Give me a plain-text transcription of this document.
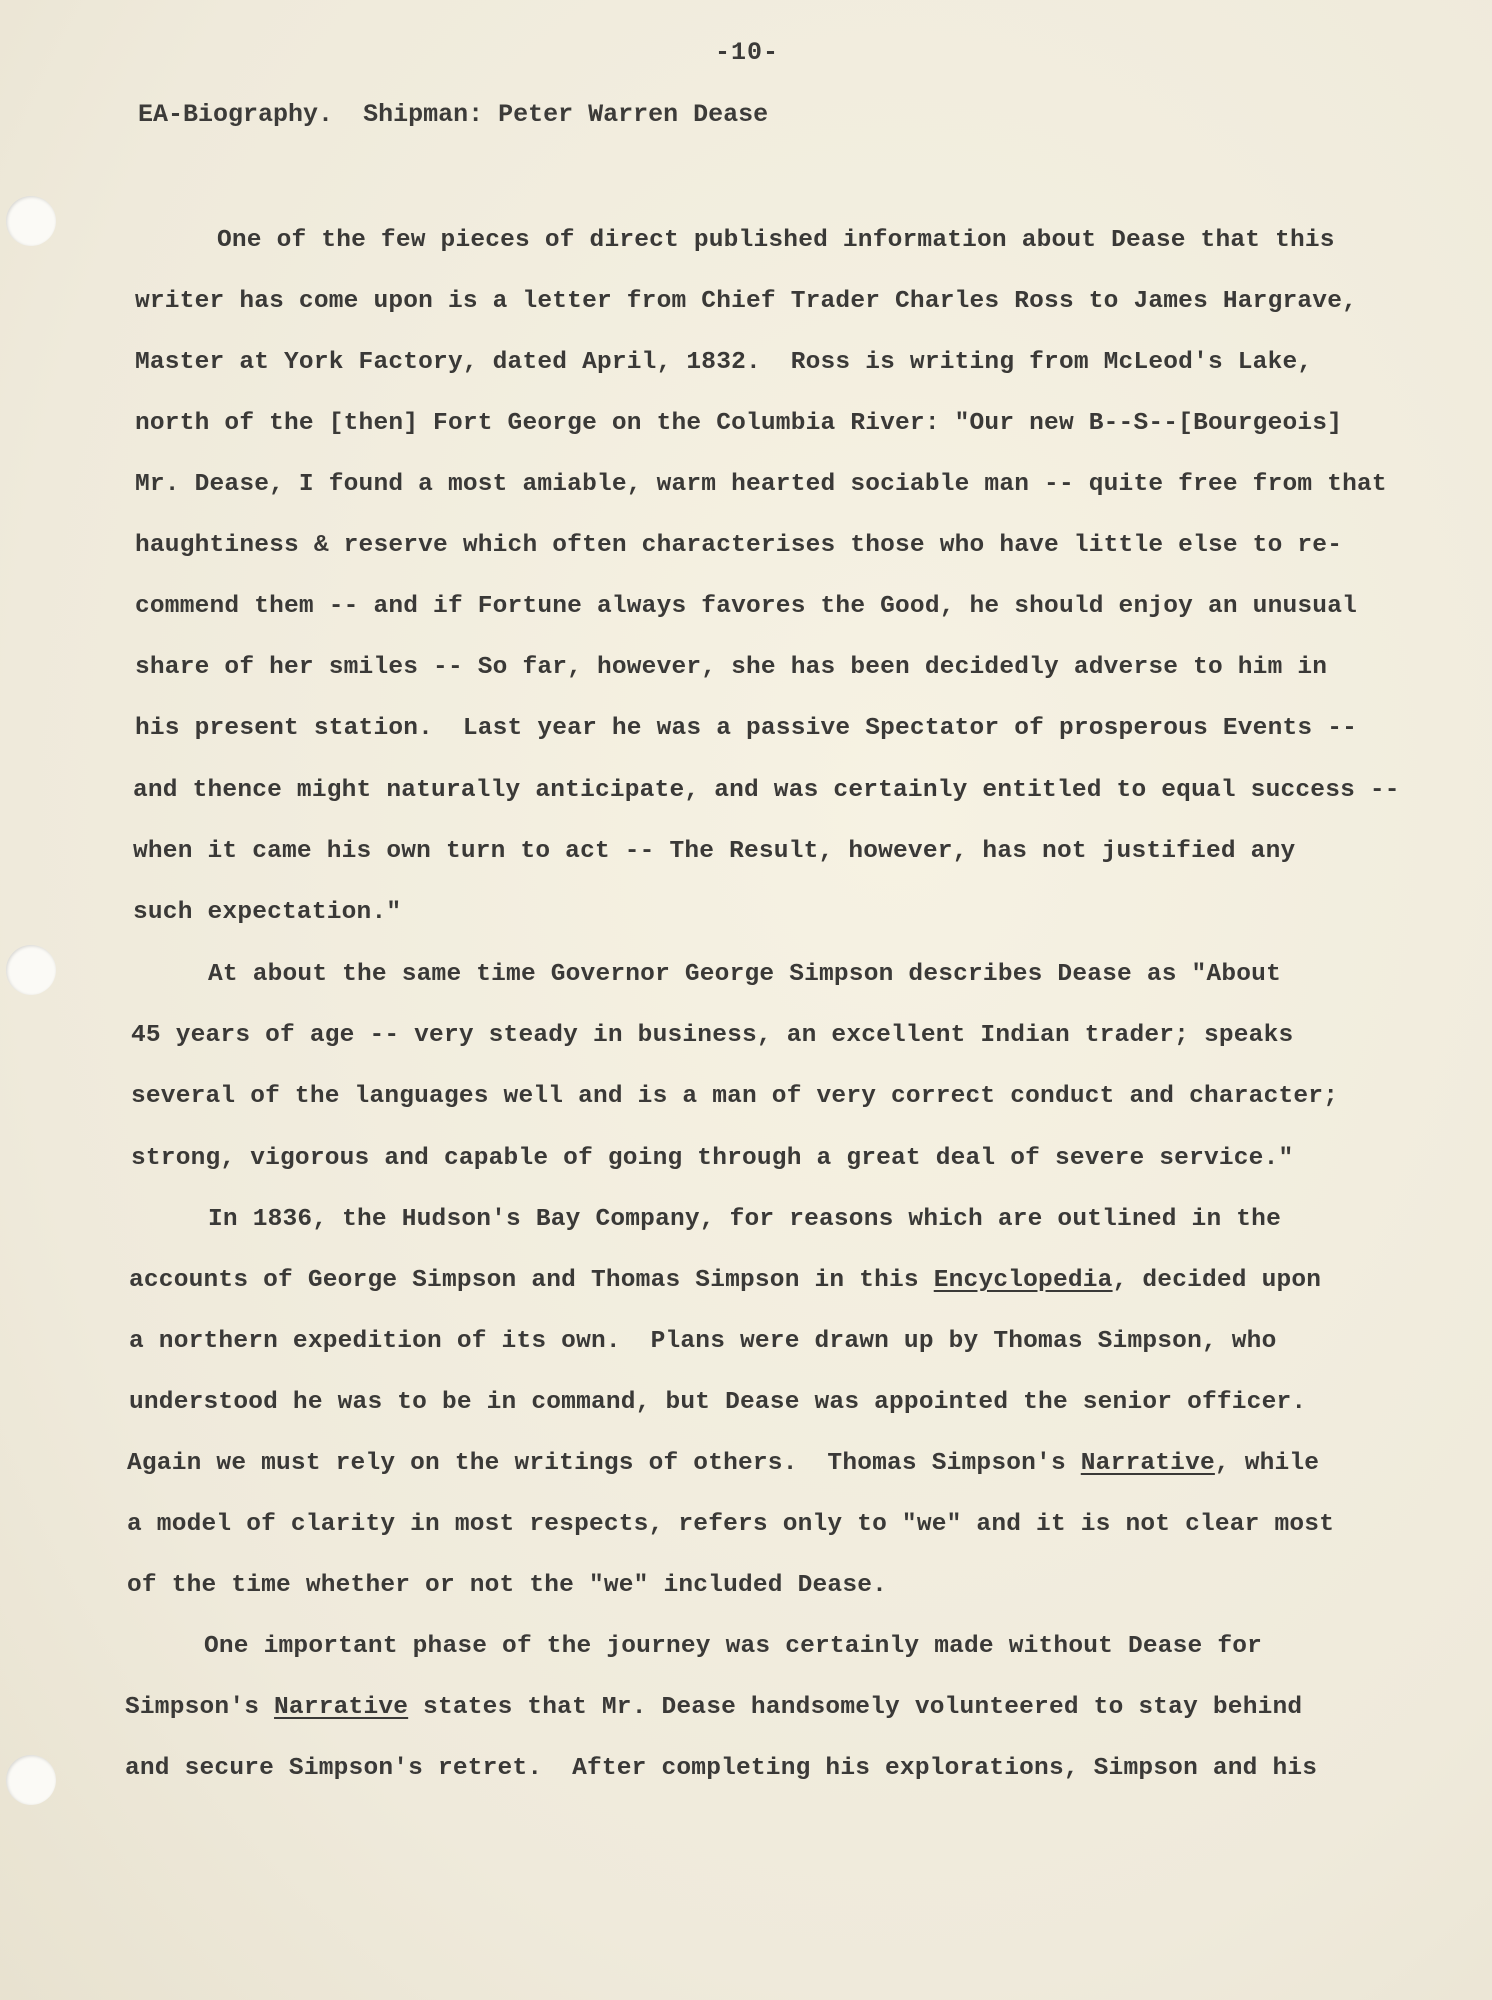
-10-
EA-Biography. Shipman: Peter Warren Dease
One of the few pieces of direct published information about Dease that this
writer has come upon is a letter from Chief Trader Charles Ross to James Hargrave,
Master at York Factory, dated April, 1832.  Ross is writing from McLeod's Lake,
north of the [then] Fort George on the Columbia River: "Our new B--S--[Bourgeois]
Mr. Dease, I found a most amiable, warm hearted sociable man -- quite free from that
haughtiness & reserve which often characterises those who have little else to re-
commend them -- and if Fortune always favores the Good, he should enjoy an unusual
share of her smiles -- So far, however, she has been decidedly adverse to him in
his present station.  Last year he was a passive Spectator of prosperous Events --
and thence might naturally anticipate, and was certainly entitled to equal success --
when it came his own turn to act -- The Result, however, has not justified any
such expectation."
At about the same time Governor George Simpson describes Dease as "About
45 years of age -- very steady in business, an excellent Indian trader; speaks
several of the languages well and is a man of very correct conduct and character;
strong, vigorous and capable of going through a great deal of severe service."
In 1836, the Hudson's Bay Company, for reasons which are outlined in the
accounts of George Simpson and Thomas Simpson in this Encyclopedia, decided upon
a northern expedition of its own.  Plans were drawn up by Thomas Simpson, who
understood he was to be in command, but Dease was appointed the senior officer.
Again we must rely on the writings of others.  Thomas Simpson's Narrative, while
a model of clarity in most respects, refers only to "we" and it is not clear most
of the time whether or not the "we" included Dease.
One important phase of the journey was certainly made without Dease for
Simpson's Narrative states that Mr. Dease handsomely volunteered to stay behind
and secure Simpson's retret.  After completing his explorations, Simpson and his
